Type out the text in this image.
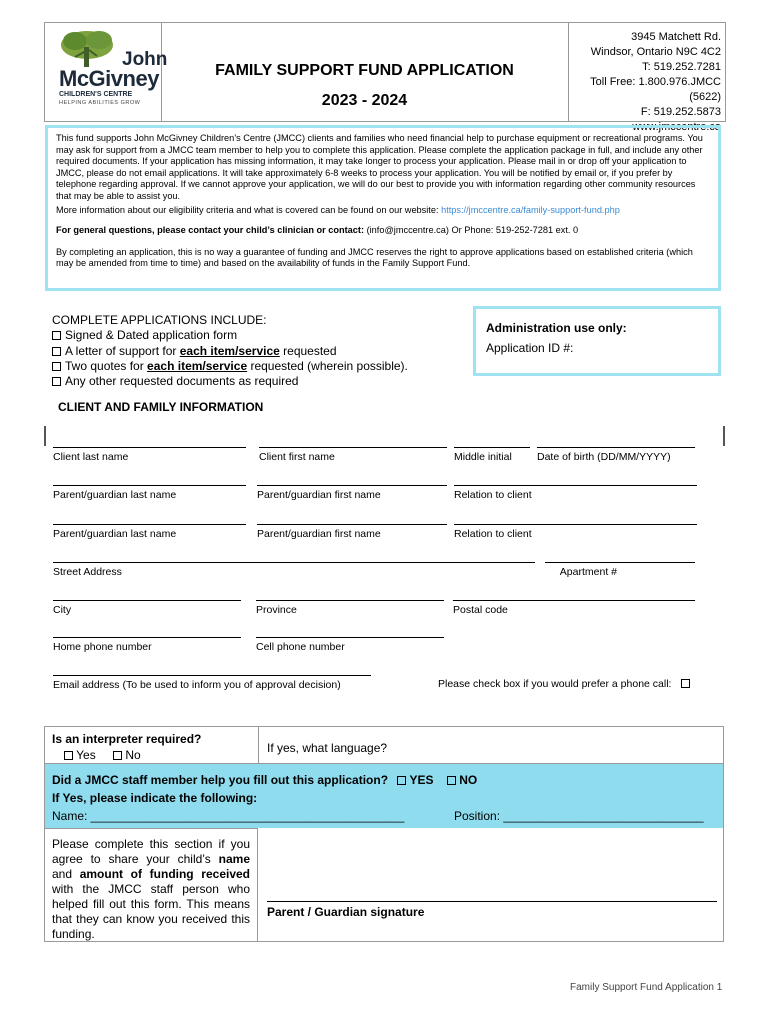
John
McGivney
CHILDREN'S CENTRE
HELPING ABILITIES GROW
FAMILY SUPPORT FUND APPLICATION
2023 - 2024
3945 Matchett Rd.
Windsor, Ontario N9C 4C2
T: 519.252.7281
Toll Free: 1.800.976.JMCC (5622)
F: 519.252.5873
www.jmccentre.ca

This fund supports John McGivney Children’s Centre (JMCC) clients and families who need financial help to purchase equipment or recreational programs. You may ask for support from a JMCC team member to help you to complete this application. Please complete the application package in full, and include any other required documents. If your application has missing information, it may take longer to process your application. Please mail in or drop off your application to JMCC, please do not email applications. It will take approximately 6-8 weeks to process your application. You will be notified by email or, if you prefer by telephone regarding approval. If we cannot approve your application, we will do our best to provide you with information regarding other community resources that may be able to assist you.

More information about our eligibility criteria and what is covered can be found on our website: https://jmccentre.ca/family-support-fund.php

For general questions, please contact your child’s clinician or contact: (info@jmccentre.ca) Or Phone: 519-252-7281 ext. 0

By completing an application, this is no way a guarantee of funding and JMCC reserves the right to approve applications based on established criteria (which may be amended from time to time) and based on the availability of funds in the Family Support Fund.

COMPLETE APPLICATIONS INCLUDE:
Signed & Dated application form
A letter of support for each item/service requested
Two quotes for each item/service requested (wherein possible).
Any other requested documents as required
Administration use only:
Application ID #:
CLIENT AND FAMILY INFORMATION
Client last name	Client first name	Middle initial	Date of birth (DD/MM/YYYY)
Parent/guardian last name	Parent/guardian first name	Relation to client
Parent/guardian last name	Parent/guardian first name	Relation to client
Street Address	Apartment #
City	Province	Postal code
Home phone number	Cell phone number
Email address (To be used to inform you of approval decision)	Please check box if you would prefer a phone call:
Is an interpreter required?
Yes No	If yes, what language?
Did a JMCC staff member help you fill out this application? YES NO
If Yes, please indicate the following:
Name: _______________________________________________	Position: ______________________________
Please complete this section if you agree to share your child’s name and amount of funding received with the JMCC staff person who helped fill out this form. This means that they can know you received this funding.
Parent / Guardian signature
Family Support Fund Application 1
